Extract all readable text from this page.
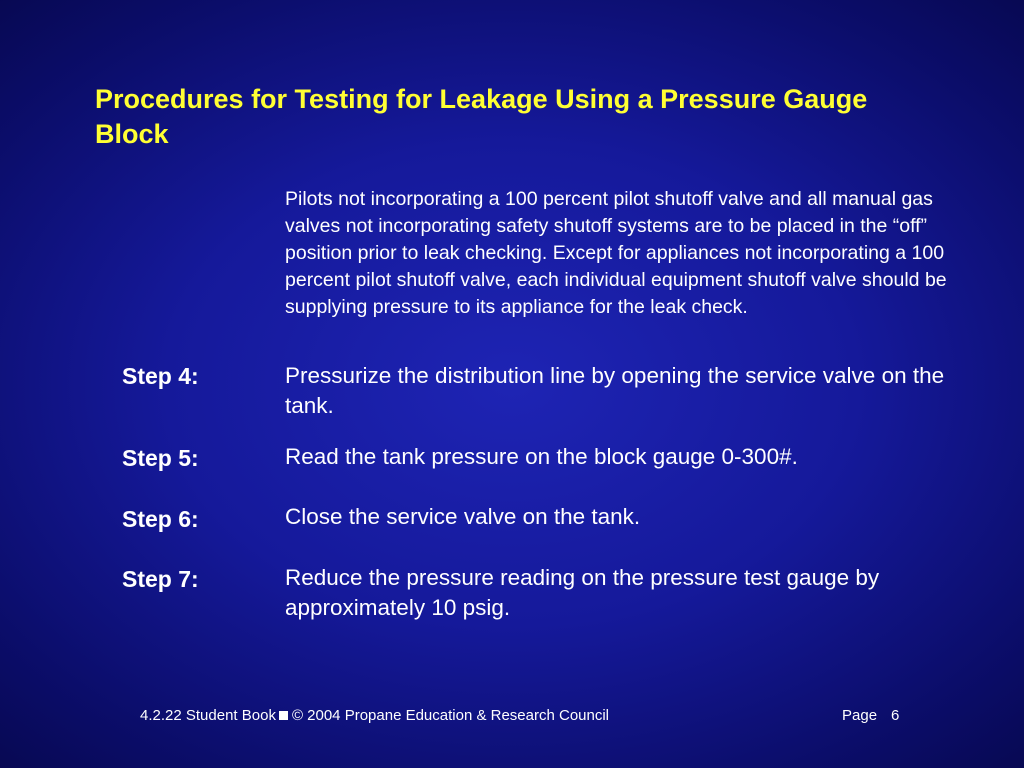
Procedures for Testing for Leakage Using a Pressure Gauge Block
Pilots not incorporating a 100 percent pilot shutoff valve and all manual gas valves not incorporating safety shutoff systems are to be placed in the “off” position prior to leak checking. Except for appliances not incorporating a 100 percent pilot shutoff valve, each individual equipment shutoff valve should be supplying pressure to its appliance for the leak check.
Step 4:	Pressurize the distribution line by opening the service valve on the tank.
Step 5:	Read the tank pressure on the block gauge 0-300#.
Step 6:	Close the service valve on the tank.
Step 7:	Reduce the pressure reading on the pressure test gauge by approximately 10 psig.
4.2.22 Student Book © 2004 Propane Education & Research Council	Page 6
